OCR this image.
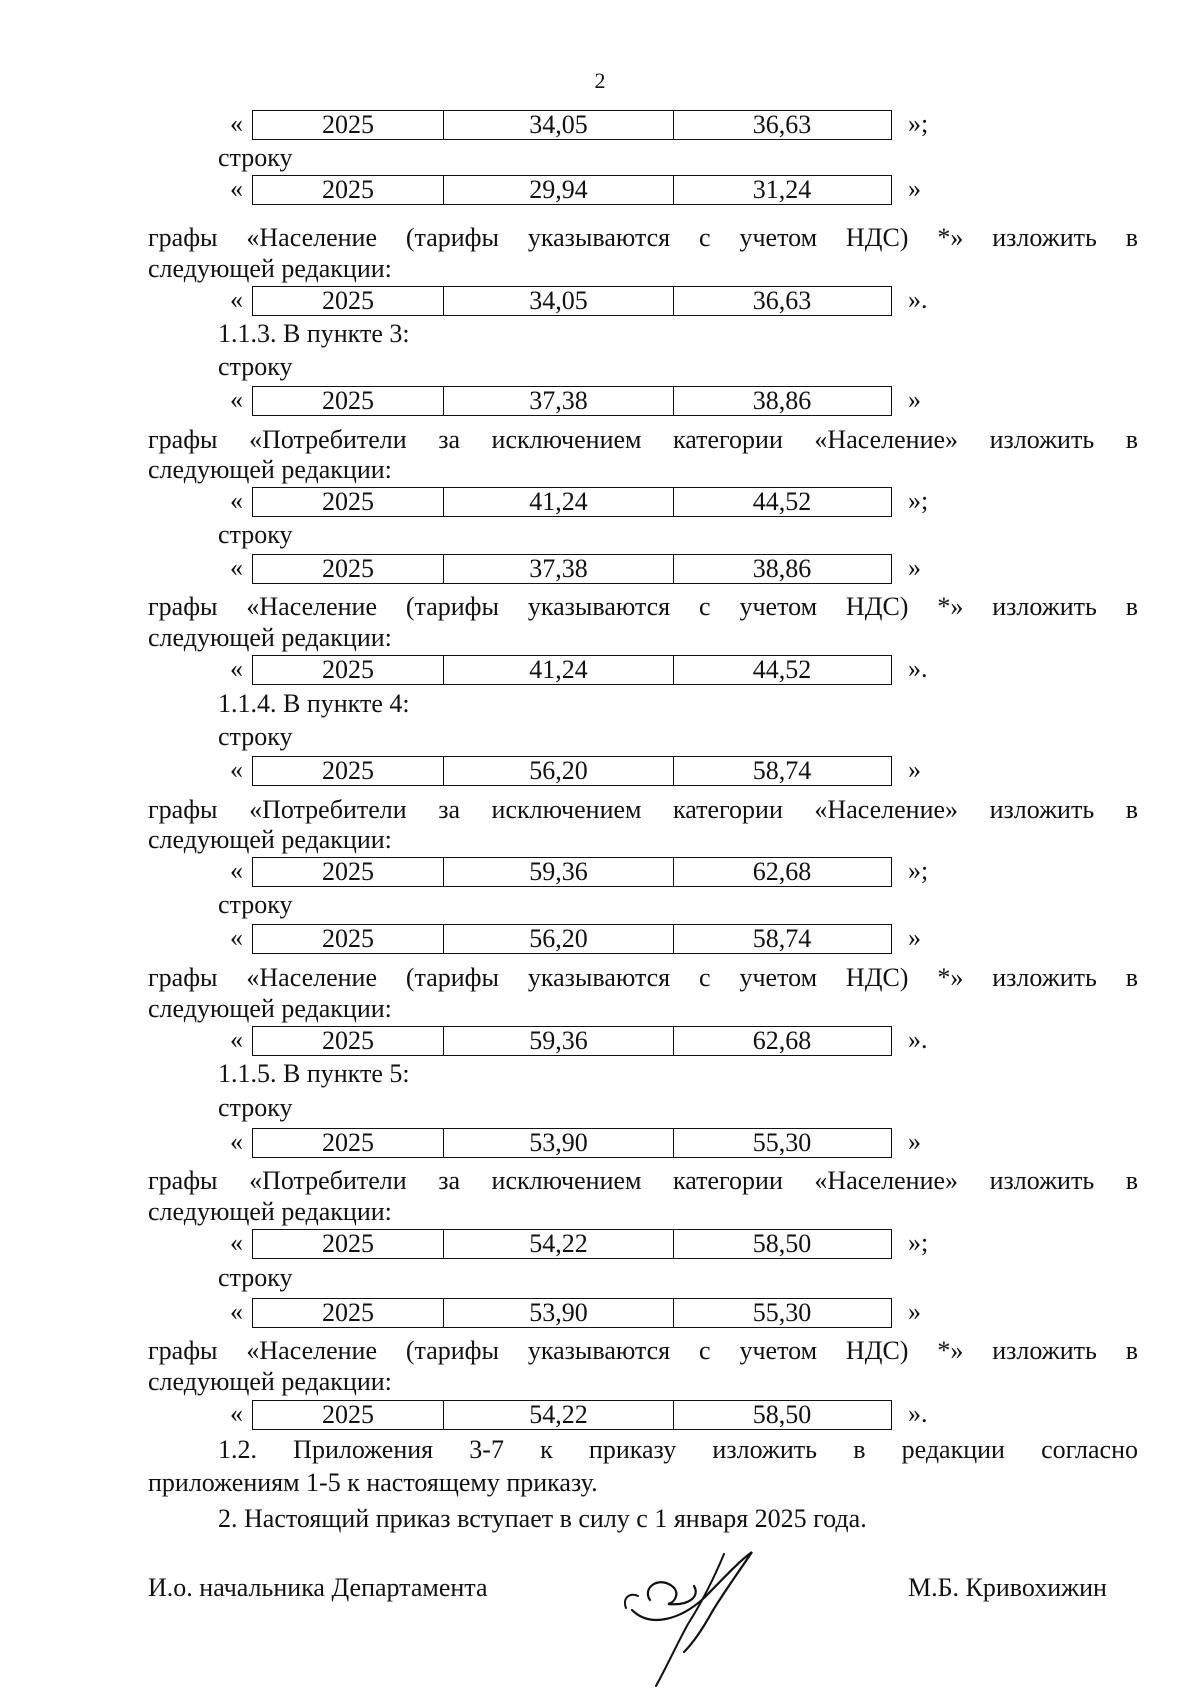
2
«	2025	34,05	36,63	»;
строку
«	2025	29,94	31,24	»
графы «Население (тарифы указываются с учетом НДС) *» изложить в
следующей редакции:
«	2025	34,05	36,63	».
1.1.3. В пункте 3:
строку
«	2025	37,38	38,86	»
графы «Потребители за исключением категории «Население» изложить в
следующей редакции:
«	2025	41,24	44,52	»;
строку
«	2025	37,38	38,86	»
графы «Население (тарифы указываются с учетом НДС) *» изложить в
следующей редакции:
«	2025	41,24	44,52	».
1.1.4. В пункте 4:
строку
«	2025	56,20	58,74	»
графы «Потребители за исключением категории «Население» изложить в
следующей редакции:
«	2025	59,36	62,68	»;
строку
«	2025	56,20	58,74	»
графы «Население (тарифы указываются с учетом НДС) *» изложить в
следующей редакции:
«	2025	59,36	62,68	».
1.1.5. В пункте 5:
строку
«	2025	53,90	55,30	»
графы «Потребители за исключением категории «Население» изложить в
следующей редакции:
«	2025	54,22	58,50	»;
строку
«	2025	53,90	55,30	»
графы «Население (тарифы указываются с учетом НДС) *» изложить в
следующей редакции:
«	2025	54,22	58,50	».
1.2. Приложения 3-7 к приказу изложить в редакции согласно
приложениям 1-5 к настоящему приказу.
2. Настоящий приказ вступает в силу с 1 января 2025 года.
И.о. начальника Департамента	М.Б. Кривохижин
